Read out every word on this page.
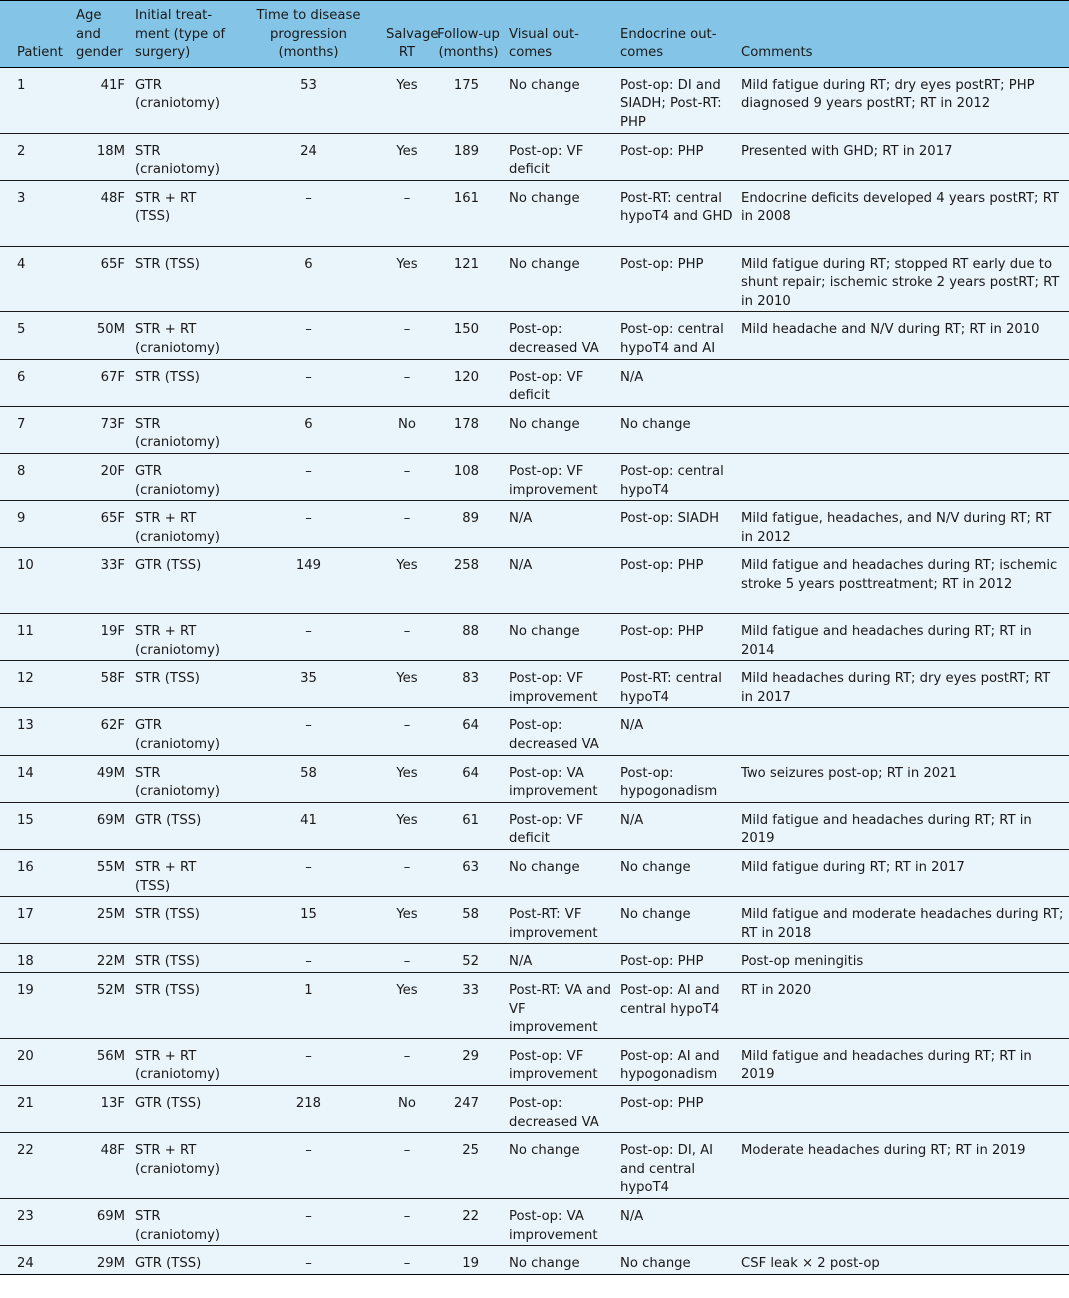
Patient	Age and gender	Initial treat-ment (type of surgery)	Time to disease progression (months)	Salvage RT	Follow-up (months)	Visual out-comes	Endocrine out-comes	Comments
1	41F	GTR (craniotomy)	53	Yes	175	No change	Post-op: DI and SIADH; Post-RT: PHP	Mild fatigue during RT; dry eyes postRT; PHP diagnosed 9 years postRT; RT in 2012
2	18M	STR (craniotomy)	24	Yes	189	Post-op: VF deficit	Post-op: PHP	Presented with GHD; RT in 2017
3	48F	STR + RT (TSS)	–	–	161	No change	Post-RT: central hypoT4 and GHD	Endocrine deficits developed 4 years postRT; RT in 2008
4	65F	STR (TSS)	6	Yes	121	No change	Post-op: PHP	Mild fatigue during RT; stopped RT early due to shunt repair; ischemic stroke 2 years postRT; RT in 2010
5	50M	STR + RT (craniotomy)	–	–	150	Post-op: decreased VA	Post-op: central hypoT4 and AI	Mild headache and N/V during RT; RT in 2010
6	67F	STR (TSS)	–	–	120	Post-op: VF deficit	N/A	
7	73F	STR (craniotomy)	6	No	178	No change	No change	
8	20F	GTR (craniotomy)	–	–	108	Post-op: VF improvement	Post-op: central hypoT4	
9	65F	STR + RT (craniotomy)	–	–	89	N/A	Post-op: SIADH	Mild fatigue, headaches, and N/V during RT; RT in 2012
10	33F	GTR (TSS)	149	Yes	258	N/A	Post-op: PHP	Mild fatigue and headaches during RT; ischemic stroke 5 years posttreatment; RT in 2012
11	19F	STR + RT (craniotomy)	–	–	88	No change	Post-op: PHP	Mild fatigue and headaches during RT; RT in 2014
12	58F	STR (TSS)	35	Yes	83	Post-op: VF improvement	Post-RT: central hypoT4	Mild headaches during RT; dry eyes postRT; RT in 2017
13	62F	GTR (craniotomy)	–	–	64	Post-op: decreased VA	N/A	
14	49M	STR (craniotomy)	58	Yes	64	Post-op: VA improvement	Post-op: hypogonadism	Two seizures post-op; RT in 2021
15	69M	GTR (TSS)	41	Yes	61	Post-op: VF deficit	N/A	Mild fatigue and headaches during RT; RT in 2019
16	55M	STR + RT (TSS)	–	–	63	No change	No change	Mild fatigue during RT; RT in 2017
17	25M	STR (TSS)	15	Yes	58	Post-RT: VF improvement	No change	Mild fatigue and moderate headaches during RT; RT in 2018
18	22M	STR (TSS)	–	–	52	N/A	Post-op: PHP	Post-op meningitis
19	52M	STR (TSS)	1	Yes	33	Post-RT: VA and VF improvement	Post-op: AI and central hypoT4	RT in 2020
20	56M	STR + RT (craniotomy)	–	–	29	Post-op: VF improvement	Post-op: AI and hypogonadism	Mild fatigue and headaches during RT; RT in 2019
21	13F	GTR (TSS)	218	No	247	Post-op: decreased VA	Post-op: PHP	
22	48F	STR + RT (craniotomy)	–	–	25	No change	Post-op: DI, AI and central hypoT4	Moderate headaches during RT; RT in 2019
23	69M	STR (craniotomy)	–	–	22	Post-op: VA improvement	N/A	
24	29M	GTR (TSS)	–	–	19	No change	No change	CSF leak × 2 post-op
